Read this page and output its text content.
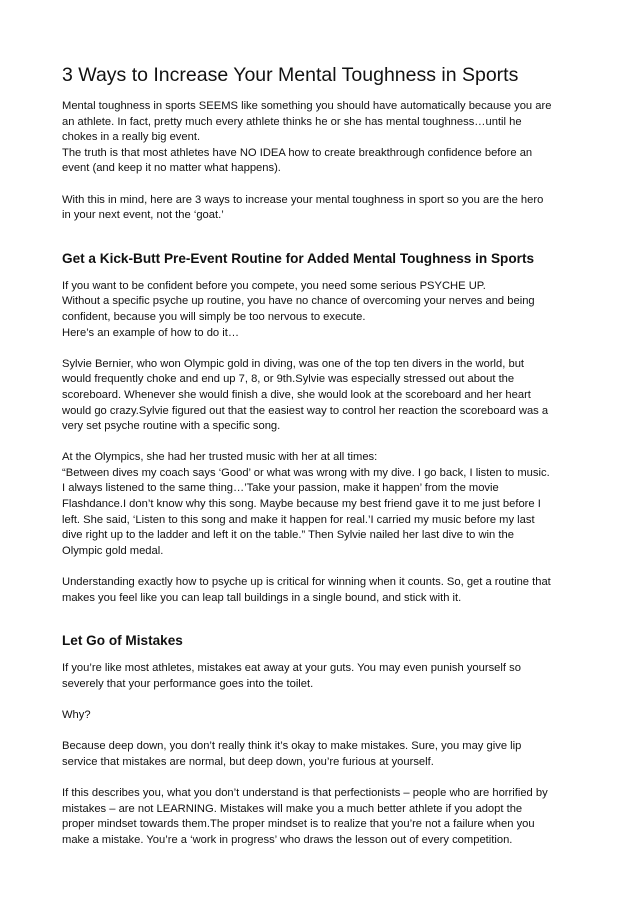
3 Ways to Increase Your Mental Toughness in Sports
Mental toughness in sports SEEMS like something you should have automatically because you are
an athlete. In fact, pretty much every athlete thinks he or she has mental toughness…until he
chokes in a really big event.
The truth is that most athletes have NO IDEA how to create breakthrough confidence before an
event (and keep it no matter what happens).
With this in mind, here are 3 ways to increase your mental toughness in sport so you are the hero
in your next event, not the ‘goat.’
Get a Kick-Butt Pre-Event Routine for Added Mental Toughness in Sports
If you want to be confident before you compete, you need some serious PSYCHE UP.
Without a specific psyche up routine, you have no chance of overcoming your nerves and being
confident, because you will simply be too nervous to execute.
Here’s an example of how to do it…
Sylvie Bernier, who won Olympic gold in diving, was one of the top ten divers in the world, but
would frequently choke and end up 7, 8, or 9th.Sylvie was especially stressed out about the
scoreboard. Whenever she would finish a dive, she would look at the scoreboard and her heart
would go crazy.Sylvie figured out that the easiest way to control her reaction the scoreboard was a
very set psyche routine with a specific song.
At the Olympics, she had her trusted music with her at all times:
“Between dives my coach says ‘Good’ or what was wrong with my dive. I go back, I listen to music.
I always listened to the same thing…’Take your passion, make it happen’ from the movie
Flashdance.I don’t know why this song. Maybe because my best friend gave it to me just before I
left. She said, ‘Listen to this song and make it happen for real.’I carried my music before my last
dive right up to the ladder and left it on the table.” Then Sylvie nailed her last dive to win the
Olympic gold medal.
Understanding exactly how to psyche up is critical for winning when it counts. So, get a routine that
makes you feel like you can leap tall buildings in a single bound, and stick with it.
Let Go of Mistakes
If you’re like most athletes, mistakes eat away at your guts. You may even punish yourself so
severely that your performance goes into the toilet.
Why?
Because deep down, you don’t really think it’s okay to make mistakes. Sure, you may give lip
service that mistakes are normal, but deep down, you’re furious at yourself.
If this describes you, what you don’t understand is that perfectionists – people who are horrified by
mistakes – are not LEARNING. Mistakes will make you a much better athlete if you adopt the
proper mindset towards them.The proper mindset is to realize that you’re not a failure when you
make a mistake. You’re a ‘work in progress’ who draws the lesson out of every competition.
